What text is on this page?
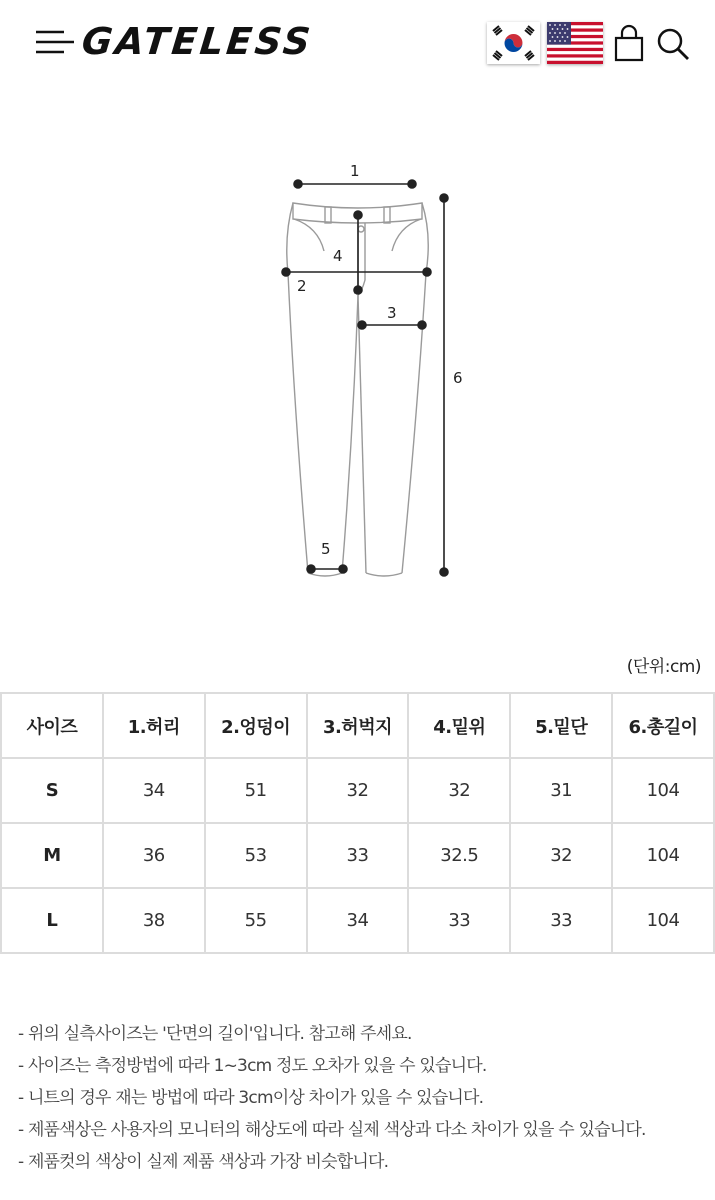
GATELESS
1
2
3
4
5
6
(단위:cm)
사이즈	1.허리	2.엉덩이	3.허벅지	4.밑위	5.밑단	6.총길이
S	34	51	32	32	31	104
M	36	53	33	32.5	32	104
L	38	55	34	33	33	104
- 위의 실측사이즈는 '단면의 길이'입니다. 참고해 주세요.
- 사이즈는 측정방법에 따라 1~3cm 정도 오차가 있을 수 있습니다.
- 니트의 경우 재는 방법에 따라 3cm이상 차이가 있을 수 있습니다.
- 제품색상은 사용자의 모니터의 해상도에 따라 실제 색상과 다소 차이가 있을 수 있습니다.
- 제품컷의 색상이 실제 제품 색상과 가장 비슷합니다.
